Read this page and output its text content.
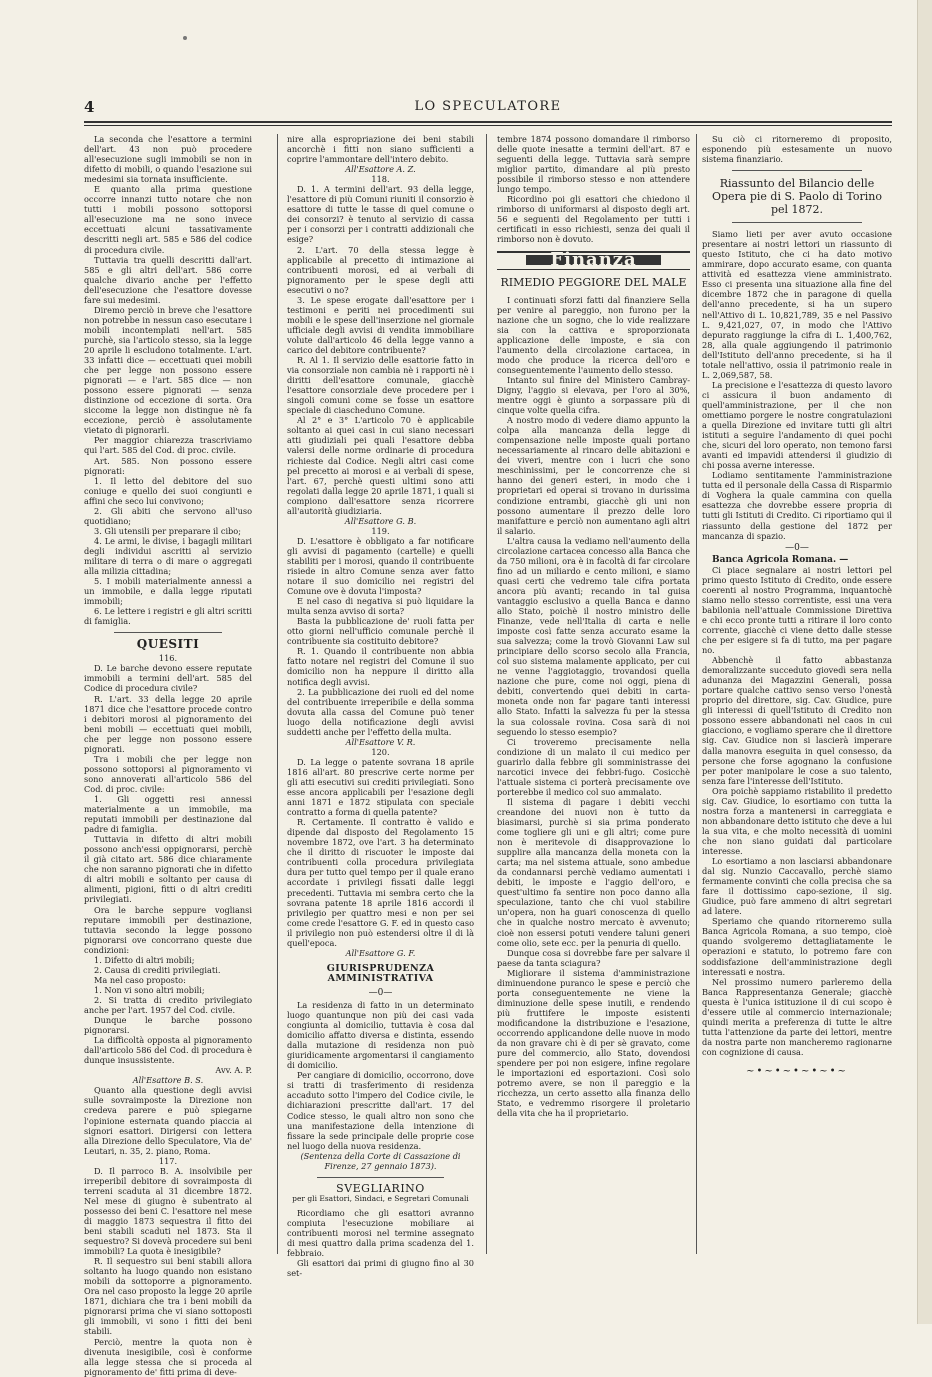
4	LO SPECULATORE

La seconda che l'esattore a termini dell'art. 43 non può procedere all'esecuzione sugli immobili se non in difetto di mobili, o quando l'esazione sui medesimi sia tornata insufficiente.

E quanto alla prima questione occorre innanzi tutto notare che non tutti i mobili possono sottoporsi all'esecuzione ma ne sono invece eccettuati alcuni tassativamente descritti negli art. 585 e 586 del codice di procedura civile.

Tuttavia tra quelli descritti dall'art. 585 e gli altri dell'art. 586 corre qualche divario anche per l'effetto dell'esecuzione che l'esattore dovesse fare sui medesimi.

Diremo perciò in breve che l'esattore non potrebbe in nessun caso esecutare i mobili incontemplati nell'art. 585 purchè, sia l'articolo stesso, sia la legge 20 aprile li escludono totalmente. L'art. 33 infatti dice — eccettuati quei mobili che per legge non possono essere pignorati — e l'art. 585 dice — non possono essere pignorati — senza distinzione od eccezione di sorta. Ora siccome la legge non distingue nè fa eccezione, perciò è assolutamente vietato di pignorarli.

Per maggior chiarezza trascriviamo qui l'art. 585 del Cod. di proc. civile.

Art. 585. Non possono essere pignorati:

1. Il letto del debitore del suo coniuge e quello dei suoi congiunti e affini che seco lui convivono;

2. Gli abiti che servono all'uso quotidiano;

3. Gli utensili per preparare il cibo;

4. Le armi, le divise, i bagagli militari degli individui ascritti al servizio militare di terra o di mare o aggregati alla milizia cittadina;

5. I mobili materialmente annessi a un immobile, e dalla legge riputati immobili;

6. Le lettere i registri e gli altri scritti di famiglia.

QUESITI

116.

D. Le barche devono essere reputate immobili a termini dell'art. 585 del Codice di procedura civile?

R. L'art. 33 della legge 20 aprile 1871 dice che l'esattore procede contro i debitori morosi al pignoramento dei beni mobili — eccettuati quei mobili, che per legge non possono essere pignorati.

Tra i mobili che per legge non possono sottoporsi al pignoramento vi sono annoverati all'articolo 586 del Cod. di proc. civile:

1. Gli oggetti resi annessi materialmente a un immobile, ma reputati immobili per destinazione dal padre di famiglia.

Tuttavia in difetto di altri mobili possono anch'essi oppignorarsi, perchè il già citato art. 586 dice chiaramente che non saranno pignorati che in difetto di altri mobili e soltanto per causa di alimenti, pigioni, fitti o di altri crediti privilegiati.

Ora le barche seppure vogliansi reputare immobili per destinazione, tuttavia secondo la legge possono pignorarsi ove concorrano queste due condizioni:

1. Difetto di altri mobili;

2. Causa di crediti privilegiati.

Ma nel caso proposto:

1. Non vi sono altri mobili;

2. Si tratta di credito privilegiato anche per l'art. 1957 del Cod. civile.

Dunque le barche possono pignorarsi.

La difficoltà opposta al pignoramento dall'articolo 586 del Cod. di procedura è dunque insussistente.

Avv. A. P.

All'Esattore B. S.

Quanto alla questione degli avvisi sulle sovraimposte la Direzione non credeva parere e può spiegarne l'opinione esternata quando piaccia ai signori esattori. Dirigersi con lettera alla Direzione dello Speculatore, Via de' Leutari, n. 35, 2. piano, Roma.

117.

D. Il parroco B. A. insolvibile per irreperibil debitore di sovraimposta di terreni scaduta al 31 dicembre 1872. Nel mese di giugno è subentrato al possesso dei beni C. l'esattore nel mese di maggio 1873 sequestra il fitto dei beni stabili scaduti nel 1873. Sta il sequestro? Si dovevà procedere sui beni immobili? La quota è inesigibile?

R. Il sequestro sui beni stabili allora soltanto ha luogo quando non esistano mobili da sottoporre a pignoramento. Ora nel caso proposto la legge 20 aprile 1871, dichiara che tra i beni mobili da pignorarsi prima che vi siano sottoposti gli immobili, vi sono i fitti dei beni stabili.

Perciò, mentre la quota non è divenuta inesigibile, così è conforme alla legge stessa che si proceda al pignoramento de' fitti prima di deve-

nire alla espropriazione dei beni stabili ancorchè i fitti non siano sufficienti a coprire l'ammontare dell'intero debito.

All'Esattore A. Z.

118.

D. 1. A termini dell'art. 93 della legge, l'esattore di più Comuni riuniti il consorzio è esattore di tutte le tasse di quel comune o dei consorzi? è tenuto al servizio di cassa per i consorzi per i contratti addizionali che esige?

2. L'art. 70 della stessa legge è applicabile al precetto di intimazione ai contribuenti morosi, ed ai verbali di pignoramento per le spese degli atti esecutivi o no?

3. Le spese erogate dall'esattore per i testimoni e periti nei procedimenti sui mobili e le spese dell'inserzione nel giornale ufficiale degli avvisi di vendita immobiliare volute dall'articolo 46 della legge vanno a carico del debitore contribuente?

R. Al 1. Il servizio delle esattorie fatto in via consorziale non cambia nè i rapporti nè i diritti dell'esattore comunale, giacchè l'esattore consorziale deve procedere per i singoli comuni come se fosse un esattore speciale di ciascheduno Comune.

Al 2° e 3° L'articolo 70 è applicabile soltanto ai quei casi in cui siano necessari atti giudiziali pei quali l'esattore debba valersi delle norme ordinarie di procedura richieste dal Codice. Negli altri casi come pel precetto ai morosi e ai verbali di spese, l'art. 67, perchè questi ultimi sono atti regolati dalla legge 20 aprile 1871, i quali si compiono dall'esattore senza ricorrere all'autorità giudiziaria.

All'Esattore G. B.

119.

D. L'esattore è obbligato a far notificare gli avvisi di pagamento (cartelle) e quelli stabiliti per i morosi, quando il contribuente risiede in altro Comune senza aver fatto notare il suo domicilio nei registri del Comune ove è dovuta l'imposta?

E nel caso di negativa si può liquidare la multa senza avviso di sorta?

Basta la pubblicazione de' ruoli fatta per otto giorni nell'ufficio comunale perchè il contribuente sia costituito debitore?

R. 1. Quando il contribuente non abbia fatto notare nel registri del Comune il suo domicilio non ha neppure il diritto alla notifica degli avvisi.

2. La pubblicazione dei ruoli ed del nome del contribuente irreperibile e della somma dovuta alla cassa del Comune può tener luogo della notificazione degli avvisi suddetti anche per l'effetto della multa.

All'Esattore V. R.

120.

D. La legge o patente sovrana 18 aprile 1816 all'art. 80 prescrive certe norme per gli atti esecutivi sui crediti privilegiati. Sono esse ancora applicabili per l'esazione degli anni 1871 e 1872 stipulata con speciale contratto a forma di quella patente?

R. Certamente. Il contratto è valido e dipende dal disposto del Regolamento 15 novembre 1872, ove l'art. 3 ha determinato che il diritto di riscuoter le imposte dai contribuenti colla procedura privilegiata dura per tutto quel tempo per il quale erano accordate i privilegi fissati dalle leggi precedenti. Tuttavia mi sembra certo che la sovrana patente 18 aprile 1816 accordi il privilegio per quattro mesi e non per sei come crede l'esattore G. F. ed in questo caso il privilegio non può estendersi oltre il di là quell'epoca.

All'Esattore G. F.

GIURISPRUDENZA AMMINISTRATIVA
—0—

La residenza di fatto in un determinato luogo quantunque non più dei casi vada congiunta al domicilio, tuttavia è cosa dal domicilio affatto diversa e distinta, essendo dalla mutazione di residenza non può giuridicamente argomentarsi il cangiamento di domicilio.

Per cangiare di domicilio, occorrono, dove si tratti di trasferimento di residenza accaduto sotto l'impero del Codice civile, le dichiarazioni prescritte dall'art. 17 del Codice stesso, le quali altro non sono che una manifestazione della intenzione di fissare la sede principale delle proprie cose nel luogo della nuova residenza.

(Sentenza della Corte di Cassazione di Firenze, 27 gennaio 1873).

SVEGLIARINO
per gli Esattori, Sindaci, e Segretari Comunali

Ricordiamo che gli esattori avranno compiuta l'esecuzione mobiliare ai contribuenti morosi nel termine assegnato di mesi quattro dalla prima scadenza del 1. febbraio.

Gli esattori dai primi di giugno fino al 30 set-

tembre 1874 possono domandare il rimborso delle quote inesatte a termini dell'art. 87 e seguenti della legge. Tuttavia sarà sempre miglior partito, dimandare al più presto possibile il rimborso stesso e non attendere lungo tempo.

Ricordino poi gli esattori che chiedono il rimborso di uniformarsi al disposto degli art. 56 e seguenti del Regolamento per tutti i certificati in esso richiesti, senza dei quali il rimborso non è dovuto.

Finanza
RIMEDIO PEGGIORE DEL MALE

I continuati sforzi fatti dal finanziere Sella per venire al pareggio, non furono per la nazione che un sogno, che lo vide realizzare sia con la cattiva e sproporzionata applicazione delle imposte, e sia con l'aumento della circolazione cartacea, in modo che produce la ricerca dell'oro e conseguentemente l'aumento dello stesso.

Intanto sul finire del Ministero Cambray-Digny, l'aggio si elevava, per l'oro al 30%, mentre oggi è giunto a sorpassare più di cinque volte quella cifra.

A nostro modo di vedere diamo appunto la colpa alla mancanza della legge di compensazione nelle imposte quali portano necessariamente al rincaro delle abitazioni e dei viveri, mentre con i lucri che sono meschinissimi, per le concorrenze che si hanno dei generi esteri, in modo che i proprietari ed operai si trovano in durissima condizione entrambi, giacchè gli uni non possono aumentare il prezzo delle loro manifatture e perciò non aumentano agli altri il salario.

L'altra causa la vediamo nell'aumento della circolazione cartacea concesso alla Banca che da 750 milioni, ora è in facoltà di far circolare fino ad un miliardo e cento milioni, e siamo quasi certi che vedremo tale cifra portata ancora più avanti; recando in tal guisa vantaggio esclusivo a quella Banca e danno allo Stato, poichè il nostro ministro delle Finanze, vede nell'Italia di carta e nelle imposte così fatte senza accurato esame la sua salvezza; come la trovò Giovanni Law sul principiare dello scorso secolo alla Francia, col suo sistema malamente applicato, per cui ne venne l'aggiotaggio, trovandosi quella nazione che pure, come noi oggi, piena di debiti, convertendo quei debiti in carta-moneta onde non far pagare tanti interessi allo Stato. Infatti la salvezza fu per la stessa la sua colossale rovina. Cosa sarà di noi seguendo lo stesso esempio?

Ci troveremo precisamente nella condizione di un malato il cui medico per guarirlo dalla febbre gli somministrasse dei narcotici invece dei febbri-fugo. Cosicchè l'attuale sistema ci porterà precisamente ove porterebbe il medico col suo ammalato.

Il sistema di pagare i debiti vecchi creandone dei nuovi non è tutto da biasimarsi, purchè si sia prima ponderato come togliere gli uni e gli altri; come pure non è meritevole di disapprovazione lo supplire alla mancanza della moneta con la carta; ma nel sistema attuale, sono ambedue da condannarsi perchè vediamo aumentati i debiti, le imposte e l'aggio dell'oro, e quest'ultimo fa sentire non poco danno alla speculazione, tanto che chi vuol stabilire un'opera, non ha guari conoscenza di quello che in qualche nostro mercato è avvenuto; cioè non essersi potuti vendere taluni generi come olio, sete ecc. per la penuria di quello.

Dunque cosa si dovrebbe fare per salvare il paese da tanta sciagura?

Migliorare il sistema d'amministrazione diminuendone puranco le spese e perciò che porta conseguentemente ne viene la diminuzione delle spese inutili, e rendendo più fruttifere le imposte esistenti modificandone la distribuzione e l'esazione, occorrendo applicandone delle nuove in modo da non gravare chi è di per sè gravato, come pure del commercio, allo Stato, dovendosi spendere per poi non esigere, infine regolare le importazioni ed esportazioni. Così solo potremo avere, se non il pareggio e la ricchezza, un certo assetto alla finanza dello Stato, e vedremmo risorgere il proletario della vita che ha il proprietario.

Su ciò ci ritorneremo di proposito, esponendo più estesamente un nuovo sistema finanziario.

Riassunto del Bilancio delle Opera pie di S. Paolo di Torino pel 1872.

Siamo lieti per aver avuto occasione presentare ai nostri lettori un riassunto di questo Istituto, che ci ha dato motivo ammirare, dopo accurato esame, con quanta attività ed esattezza viene amministrato. Esso ci presenta una situazione alla fine del dicembre 1872 che in paragone di quella dell'anno precedente, si ha un supero nell'Attivo di L. 10,821,789, 35 e nel Passivo L. 9,421,027, 07, in modo che l'Attivo depurato raggiunge la cifra di L. 1,400,762, 28, alla quale aggiungendo il patrimonio dell'Istituto dell'anno precedente, si ha il totale nell'attivo, ossia il patrimonio reale in L. 2,069,587, 58.

La precisione e l'esattezza di questo lavoro ci assicura il buon andamento di quell'amministrazione, per il che non omettiamo porgere le nostre congratulazioni a quella Direzione ed invitare tutti gli altri istituti a seguire l'andamento di quei pochi che, sicuri del loro operato, non temono farsi avanti ed impavidi attendersi il giudizio di chi possa averne interesse.

Lodiamo sentitamente l'amministrazione tutta ed il personale della Cassa di Risparmio di Voghera la quale cammina con quella esattezza che dovrebbe essere propria di tutti gli Istituti di Credito. Ci riportiamo qui il riassunto della gestione del 1872 per mancanza di spazio.

—0—

Banca Agricola Romana. —

Ci piace segnalare ai nostri lettori pel primo questo Istituto di Credito, onde essere coerenti al nostro Programma, inquantochè siamo nello stesso correntiste, essi una vera babilonia nell'attuale Commissione Direttiva e chi ecco pronte tutti a ritirare il loro conto corrente, giacchè ci viene detto dalle stesse che per esigere si fa di tutto, ma per pagare no.

Abbenchè il fatto abbastanza demoralizzante succeduto giovedì sera nella adunanza dei Magazzini Generali, possa portare qualche cattivo senso verso l'onestà proprio del direttore, sig. Cav. Giudice, pure gli interessi di quell'Istituto di Credito non possono essere abbandonati nel caos in cui giacciono, e vogliamo sperare che il direttore sig. Cav. Giudice non si lascierà imperare dalla manovra eseguita in quel consesso, da persone che forse agognano la confusione per poter manipolare le cose a suo talento, senza fare l'interesse dell'Istituto.

Ora poichè sappiamo ristabilito il predetto sig. Cav. Giudice, lo esortiamo con tutta la nostra forza a mantenersi in carreggiata e non abbandonare detto istituto che deve a lui la sua vita, e che molto necessità di uomini che non siano guidati dal particolare interesse.

Lo esortiamo a non lasciarsi abbandonare dal sig. Nunzio Caccavallo, perchè siamo fermamente convinti che colla precisa che sa fare il dottissimo capo-sezione, il sig. Giudice, può fare ammeno di altri segretari ad latere.

Speriamo che quando ritorneremo sulla Banca Agricola Romana, a suo tempo, cioè quando svolgeremo dettagliatamente le operazioni e statuto, lo potremo fare con soddisfazione dell'amministrazione degli interessati e nostra.

Nel prossimo numero parleremo della Banca Rappresentanza Generale; giacchè questa è l'unica istituzione il di cui scopo è d'essere utile al commercio internazionale; quindi merita a preferenza di tutte le altre tutta l'attenzione da parte dei lettori, mentre da nostra parte non mancheremo ragionarne con cognizione di causa.

~•~•~•~•~•~
